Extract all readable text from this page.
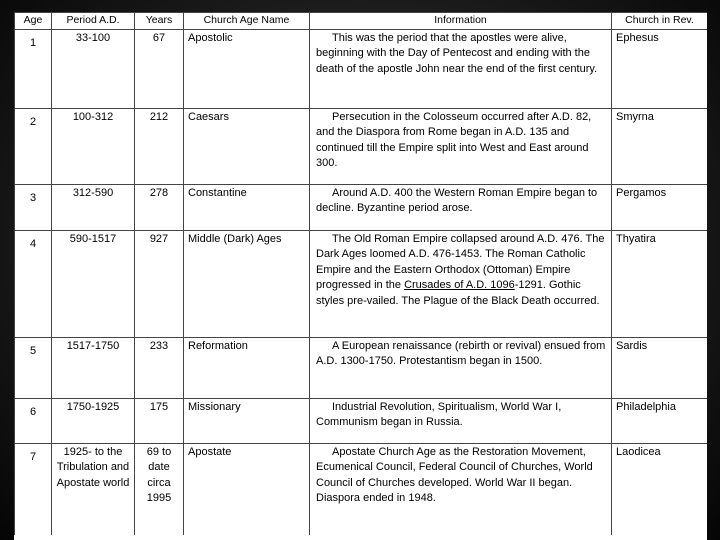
Age	Period A.D.	Years	Church Age Name	Information	Church in Rev.
1	33-100	67	Apostolic	This was the period that the apostles were alive, beginning with the Day of Pentecost and ending with the death of the apostle John near the end of the first century.	Ephesus
2	100-312	212	Caesars	Persecution in the Colosseum occurred after A.D. 82, and the Diaspora from Rome began in A.D. 135 and continued till the Empire split into West and East around 300.	Smyrna
3	312-590	278	Constantine	Around A.D. 400 the Western Roman Empire began to decline. Byzantine period arose.	Pergamos
4	590-1517	927	Middle (Dark) Ages	The Old Roman Empire collapsed around A.D. 476. The Dark Ages loomed A.D. 476-1453. The Roman Catholic Empire and the Eastern Orthodox (Ottoman) Empire progressed in the Crusades of A.D. 1096-1291. Gothic styles pre-vailed. The Plague of the Black Death occurred.	Thyatira
5	1517-1750	233	Reformation	A European renaissance (rebirth or revival) ensued from A.D. 1300-1750. Protestantism began in 1500.	Sardis
6	1750-1925	175	Missionary	Industrial Revolution, Spiritualism, World War I, Communism began in Russia.	Philadelphia
7	1925- to the Tribulation and Apostate world	69 to date circa 1995	Apostate	Apostate Church Age as the Restoration Movement, Ecumenical Council, Federal Council of Churches, World Council of Churches developed. World War II began. Diaspora ended in 1948.	Laodicea
